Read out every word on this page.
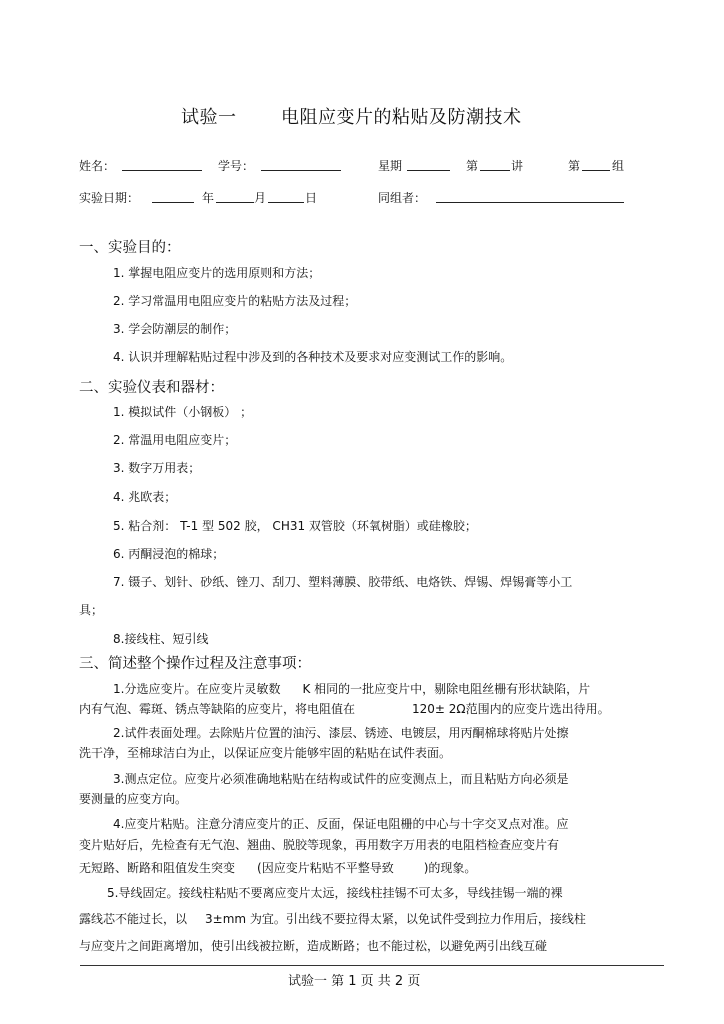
试验一 电阻应变片的粘贴及防潮技术
姓名：	学号：	星期	第	讲	第	组
实验日期：	年	月	日	同组者：
一、实验目的：
1. 掌握电阻应变片的选用原则和方法；
2. 学习常温用电阻应变片的粘贴方法及过程；
3. 学会防潮层的制作；
4. 认识并理解粘贴过程中涉及到的各种技术及要求对应变测试工作的影响。
二、实验仪表和器材：
1. 模拟试件（小钢板） ；
2. 常温用电阻应变片；
3. 数字万用表；
4. 兆欧表；
5. 粘合剂： T-1 型 502 胶， CH31 双管胶（环氧树脂）或硅橡胶；
6. 丙酮浸泡的棉球；
7. 镊子、划针、砂纸、锉刀、刮刀、塑料薄膜、胶带纸、电烙铁、焊锡、焊锡膏等小工
具；
8.接线柱、短引线
三、简述整个操作过程及注意事项：
1.分选应变片。在应变片灵敏数 K 相同的一批应变片中，剔除电阻丝栅有形状缺陷，片
内有气泡、霉斑、锈点等缺陷的应变片，将电阻值在	120± 2Ω范围内的应变片选出待用。
2.试件表面处理。去除贴片位置的油污、漆层、锈迹、电镀层，用丙酮棉球将贴片处擦
洗干净，至棉球洁白为止，以保证应变片能够牢固的粘贴在试件表面。
3.测点定位。应变片必须准确地粘贴在结构或试件的应变测点上，而且粘贴方向必须是
要测量的应变方向。
4.应变片粘贴。注意分清应变片的正、反面，保证电阻栅的中心与十字交叉点对准。应
变片贴好后，先检查有无气泡、翘曲、脱胶等现象，再用数字万用表的电阻档检查应变片有
无短路、断路和阻值发生突变 (因应变片粘贴不平整导致	)的现象。
5.导线固定。接线柱粘贴不要离应变片太远，接线柱挂锡不可太多，导线挂锡一端的裸
露线芯不能过长，以 3±mm 为宜。引出线不要拉得太紧，以免试件受到拉力作用后，接线柱
与应变片之间距离增加，使引出线被拉断，造成断路；也不能过松，以避免两引出线互碰
试验一 第 1 页 共 2 页
